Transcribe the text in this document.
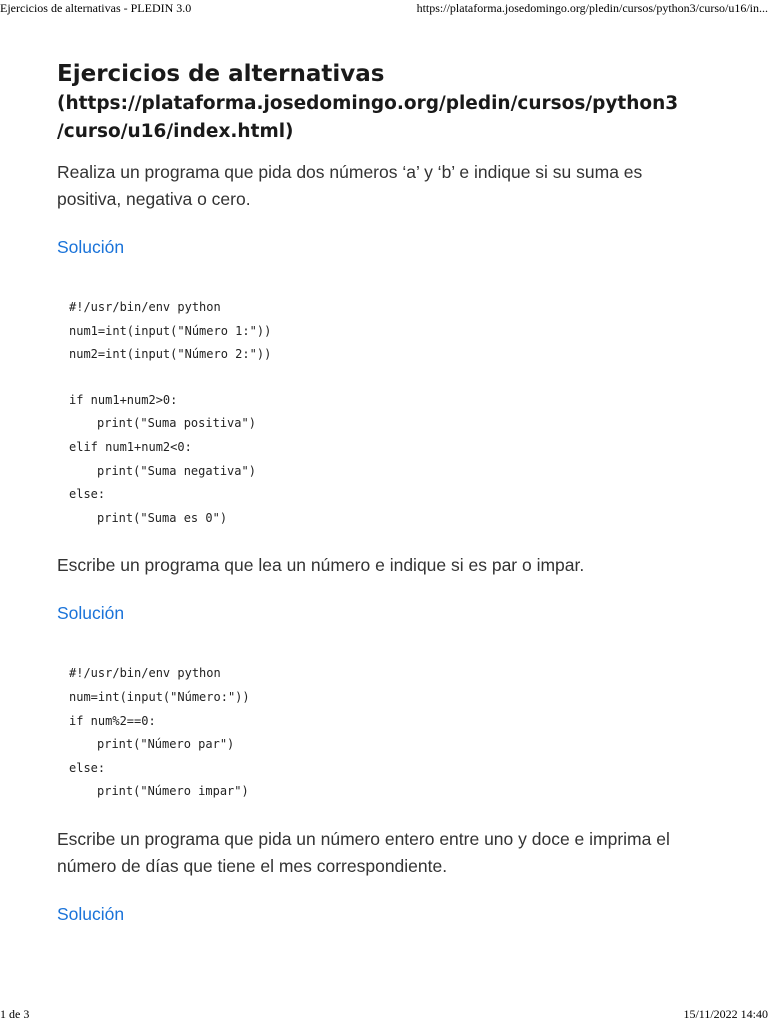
Ejercicios de alternativas - PLEDIN 3.0	https://plataforma.josedomingo.org/pledin/cursos/python3/curso/u16/in...
Ejercicios de alternativas
(https://plataforma.josedomingo.org/pledin/cursos/python3
/curso/u16/index.html)

Realiza un programa que pida dos números ‘a’ y ‘b’ e indique si su suma es positiva, negativa o cero.

Solución
#!/usr/bin/env python
num1=int(input("Número 1:"))
num2=int(input("Número 2:"))
if num1+num2>0:
print("Suma positiva")
elif num1+num2<0:
print("Suma negativa")
else:
print("Suma es 0")

Escribe un programa que lea un número e indique si es par o impar.

Solución
#!/usr/bin/env python
num=int(input("Número:"))
if num%2==0:
print("Número par")
else:
print("Número impar")

Escribe un programa que pida un número entero entre uno y doce e imprima el número de días que tiene el mes correspondiente.

Solución
1 de 3	15/11/2022 14:40
